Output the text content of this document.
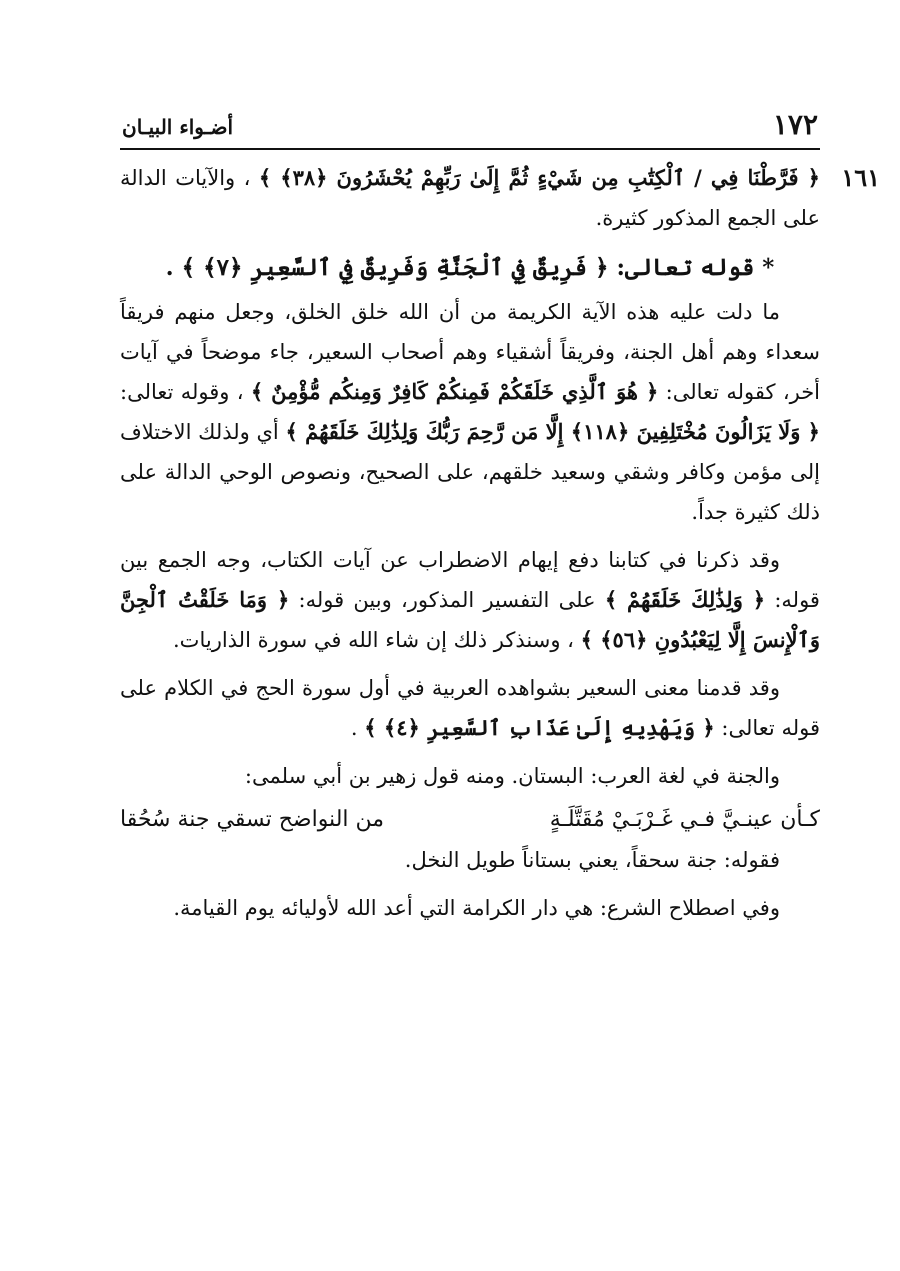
١٧٢
أضـواء البيـان
١٦١

﴿ فَرَّطْنَا فِي / ٱلْكِتَٰبِ مِن شَيْءٍ ثُمَّ إِلَىٰ رَبِّهِمْ يُحْشَرُونَ ﴿٣٨﴾ ﴾ ، والآيات الدالة على الجمع المذكور كثيرة.

* قوله تعالى: ﴿ فَرِيقٌ فِي ٱلْجَنَّةِ وَفَرِيقٌ فِي ٱلسَّعِيرِ ﴿٧﴾ ﴾ .

ما دلت عليه هذه الآية الكريمة من أن الله خلق الخلق، وجعل منهم فريقاً سعداء وهم أهل الجنة، وفريقاً أشقياء وهم أصحاب السعير، جاء موضحاً في آيات أخر، كقوله تعالى: ﴿ هُوَ ٱلَّذِي خَلَقَكُمْ فَمِنكُمْ كَافِرٌ وَمِنكُم مُّؤْمِنٌ ﴾ ، وقوله تعالى: ﴿ وَلَا يَزَالُونَ مُخْتَلِفِينَ ﴿١١٨﴾ إِلَّا مَن رَّحِمَ رَبُّكَ وَلِذَٰلِكَ خَلَقَهُمْ ﴾ أي ولذلك الاختلاف إلى مؤمن وكافر وشقي وسعيد خلقهم، على الصحيح، ونصوص الوحي الدالة على ذلك كثيرة جداً.

وقد ذكرنا في كتابنا دفع إيهام الاضطراب عن آيات الكتاب، وجه الجمع بين قوله: ﴿ وَلِذَٰلِكَ خَلَقَهُمْ ﴾ على التفسير المذكور، وبين قوله: ﴿ وَمَا خَلَقْتُ ٱلْجِنَّ وَٱلْإِنسَ إِلَّا لِيَعْبُدُونِ ﴿٥٦﴾ ﴾ ، وسنذكر ذلك إن شاء الله في سورة الذاريات.

وقد قدمنا معنى السعير بشواهده العربية في أول سورة الحج في الكلام على قوله تعالى: ﴿ وَيَهْدِيهِ إِلَىٰ عَذَابِ ٱلسَّعِيرِ ﴿٤﴾ ﴾ .

والجنة في لغة العرب: البستان. ومنه قول زهير بن أبي سلمى:

كـأن عينـيَّ فـي غَـرْبَـيْ مُقَتَّلَـةٍ
من النواضح تسقي جنة سُحُقا

فقوله: جنة سحقاً، يعني بستاناً طويل النخل.

وفي اصطلاح الشرع: هي دار الكرامة التي أعد الله لأوليائه يوم القيامة.
